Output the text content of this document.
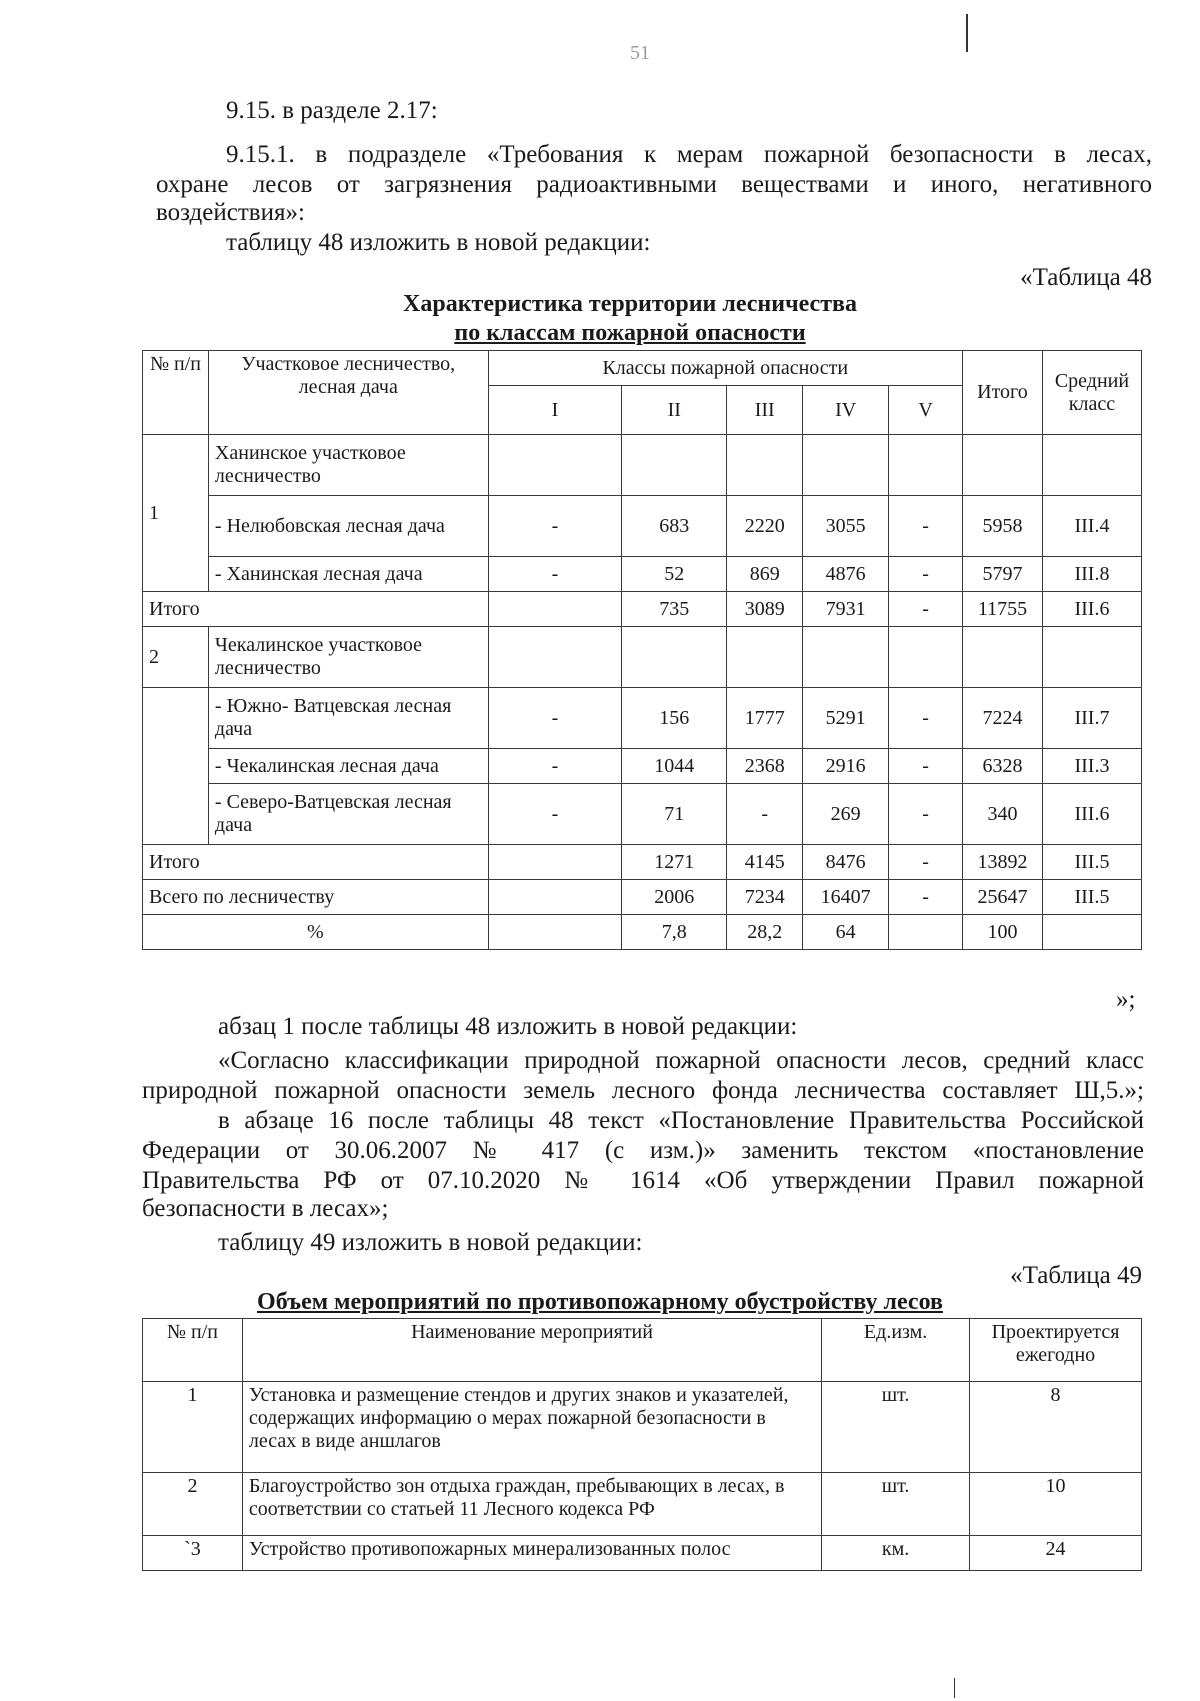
51

9.15. в разделе 2.17:

9.15.1. в подразделе «Требования к мерам пожарной безопасности в лесах,

охране лесов от загрязнения радиоактивными веществами и иного, негативного

воздействия»:

таблицу 48 изложить в новой редакции:

«Таблица 48
Характеристика территории лесничества
по классам пожарной опасности
№ п/п	Участковое лесничество, лесная дача	Классы пожарной опасности					Итого	Средний класс
		I	II	III	IV	V		
1	Ханинское участковое лесничество							
	- Нелюбовская лесная дача	-	683	2220	3055	-	5958	III.4
	- Ханинская лесная дача	-	52	869	4876	-	5797	III.8
Итого			735	3089	7931	-	11755	III.6
2	Чекалинское участковое лесничество							
	- Южно- Ватцевская лесная дача	-	156	1777	5291	-	7224	III.7
	- Чекалинская лесная дача	-	1044	2368	2916	-	6328	III.3
	- Северо-Ватцевская лесная дача	-	71	-	269	-	340	III.6
Итого			1271	4145	8476	-	13892	III.5
Всего по лесничеству			2006	7234	16407	-	25647	III.5
%			7,8	28,2	64		100	
»;

абзац 1 после таблицы 48 изложить в новой редакции:

«Согласно классификации природной пожарной опасности лесов, средний класс

природной пожарной опасности земель лесного фонда лесничества составляет Ш,5.»;

в абзаце 16 после таблицы 48 текст «Постановление Правительства Российской

Федерации от 30.06.2007 № 417 (с изм.)» заменить текстом «постановление

Правительства РФ от 07.10.2020 № 1614 «Об утверждении Правил пожарной

безопасности в лесах»;

таблицу 49 изложить в новой редакции:

«Таблица 49
Объем мероприятий по противопожарному обустройству лесов
№ п/п	Наименование мероприятий	Ед.изм.	Проектируется ежегодно
1	Установка и размещение стендов и других знаков и указателей, содержащих информацию о мерах пожарной безопасности в лесах в виде аншлагов	шт.	8
2	Благоустройство зон отдыха граждан, пребывающих в лесах, в соответствии со статьей 11 Лесного кодекса РФ	шт.	10
`3	Устройство противопожарных минерализованных полос	км.	24
